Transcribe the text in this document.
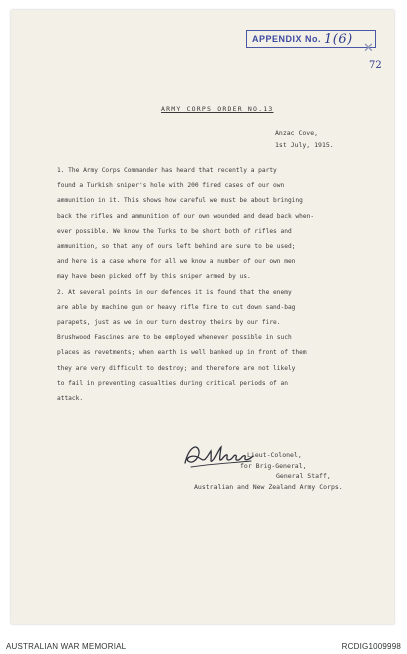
APPENDIX No. 1(6)
✕
72
ARMY CORPS ORDER NO.13
Anzac Cove,
1st July, 1915.
1. The Army Corps Commander has heard that recently a party
found a Turkish sniper's hole with 200 fired cases of our own
ammunition in it. This shows how careful we must be about bringing
back the rifles and ammunition of our own wounded and dead back when-
ever possible. We know the Turks to be short both of rifles and
ammunition, so that any of ours left behind are sure to be used;
and here is a case where for all we know a number of our own men
may have been picked off by this sniper armed by us.
2. At several points in our defences it is found that the enemy
are able by machine gun or heavy rifle fire to cut down sand-bag
parapets, just as we in our turn destroy theirs by our fire.
Brushwood Fascines are to be employed whenever possible in such
places as revetments; when earth is well banked up in front of them
they are very difficult to destroy; and therefore are not likely
to fail in preventing casualties during critical periods of an
attack.
Lieut-Colonel,
for Brig-General,
General Staff,
Australian and New Zealand Army Corps.
AUSTRALIAN WAR MEMORIAL	RCDIG1009998
